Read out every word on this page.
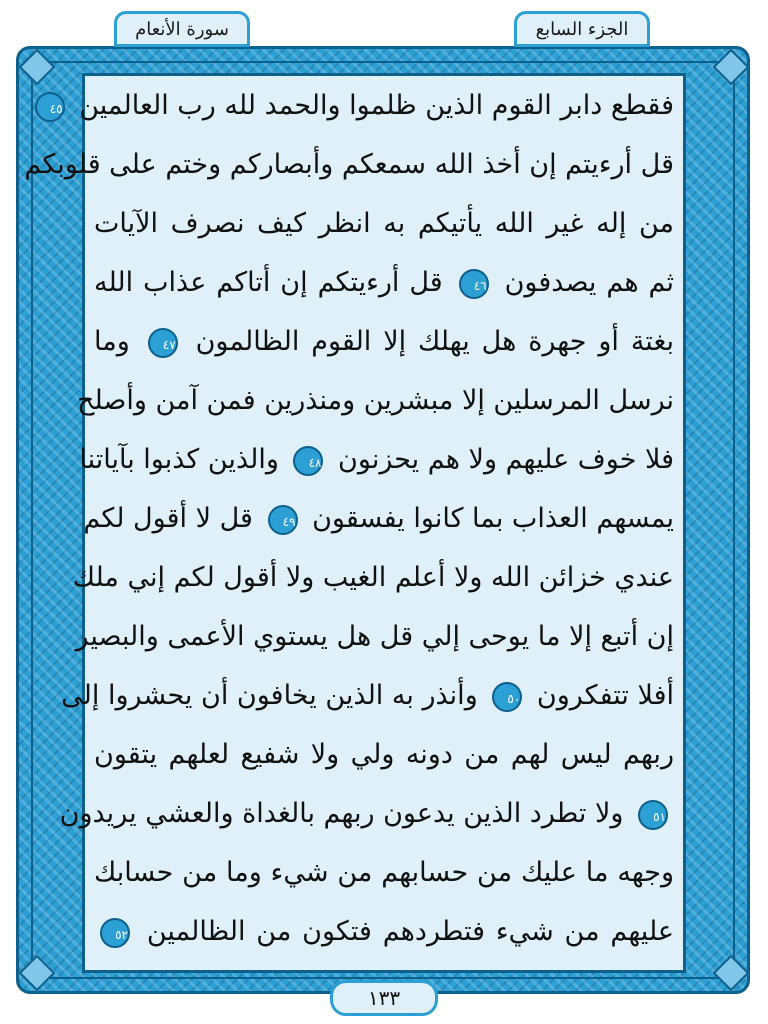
الجزء السابع
سورة الأنعام
فقطع دابر القوم الذين ظلموا والحمد لله رب العالمين ٤٥
قل أرءيتم إن أخذ الله سمعكم وأبصاركم وختم على قلوبكم
من إله غير الله يأتيكم به انظر كيف نصرف الآيات
ثم هم يصدفون ٤٦ قل أرءيتكم إن أتاكم عذاب الله
بغتة أو جهرة هل يهلك إلا القوم الظالمون ٤٧ وما
نرسل المرسلين إلا مبشرين ومنذرين فمن آمن وأصلح
فلا خوف عليهم ولا هم يحزنون ٤٨ والذين كذبوا بآياتنا
يمسهم العذاب بما كانوا يفسقون ٤٩ قل لا أقول لكم
عندي خزائن الله ولا أعلم الغيب ولا أقول لكم إني ملك
إن أتبع إلا ما يوحى إلي قل هل يستوي الأعمى والبصير
أفلا تتفكرون ٥٠ وأنذر به الذين يخافون أن يحشروا إلى
ربهم ليس لهم من دونه ولي ولا شفيع لعلهم يتقون
٥١ ولا تطرد الذين يدعون ربهم بالغداة والعشي يريدون
وجهه ما عليك من حسابهم من شيء وما من حسابك
عليهم من شيء فتطردهم فتكون من الظالمين ٥٢
١٣٣
